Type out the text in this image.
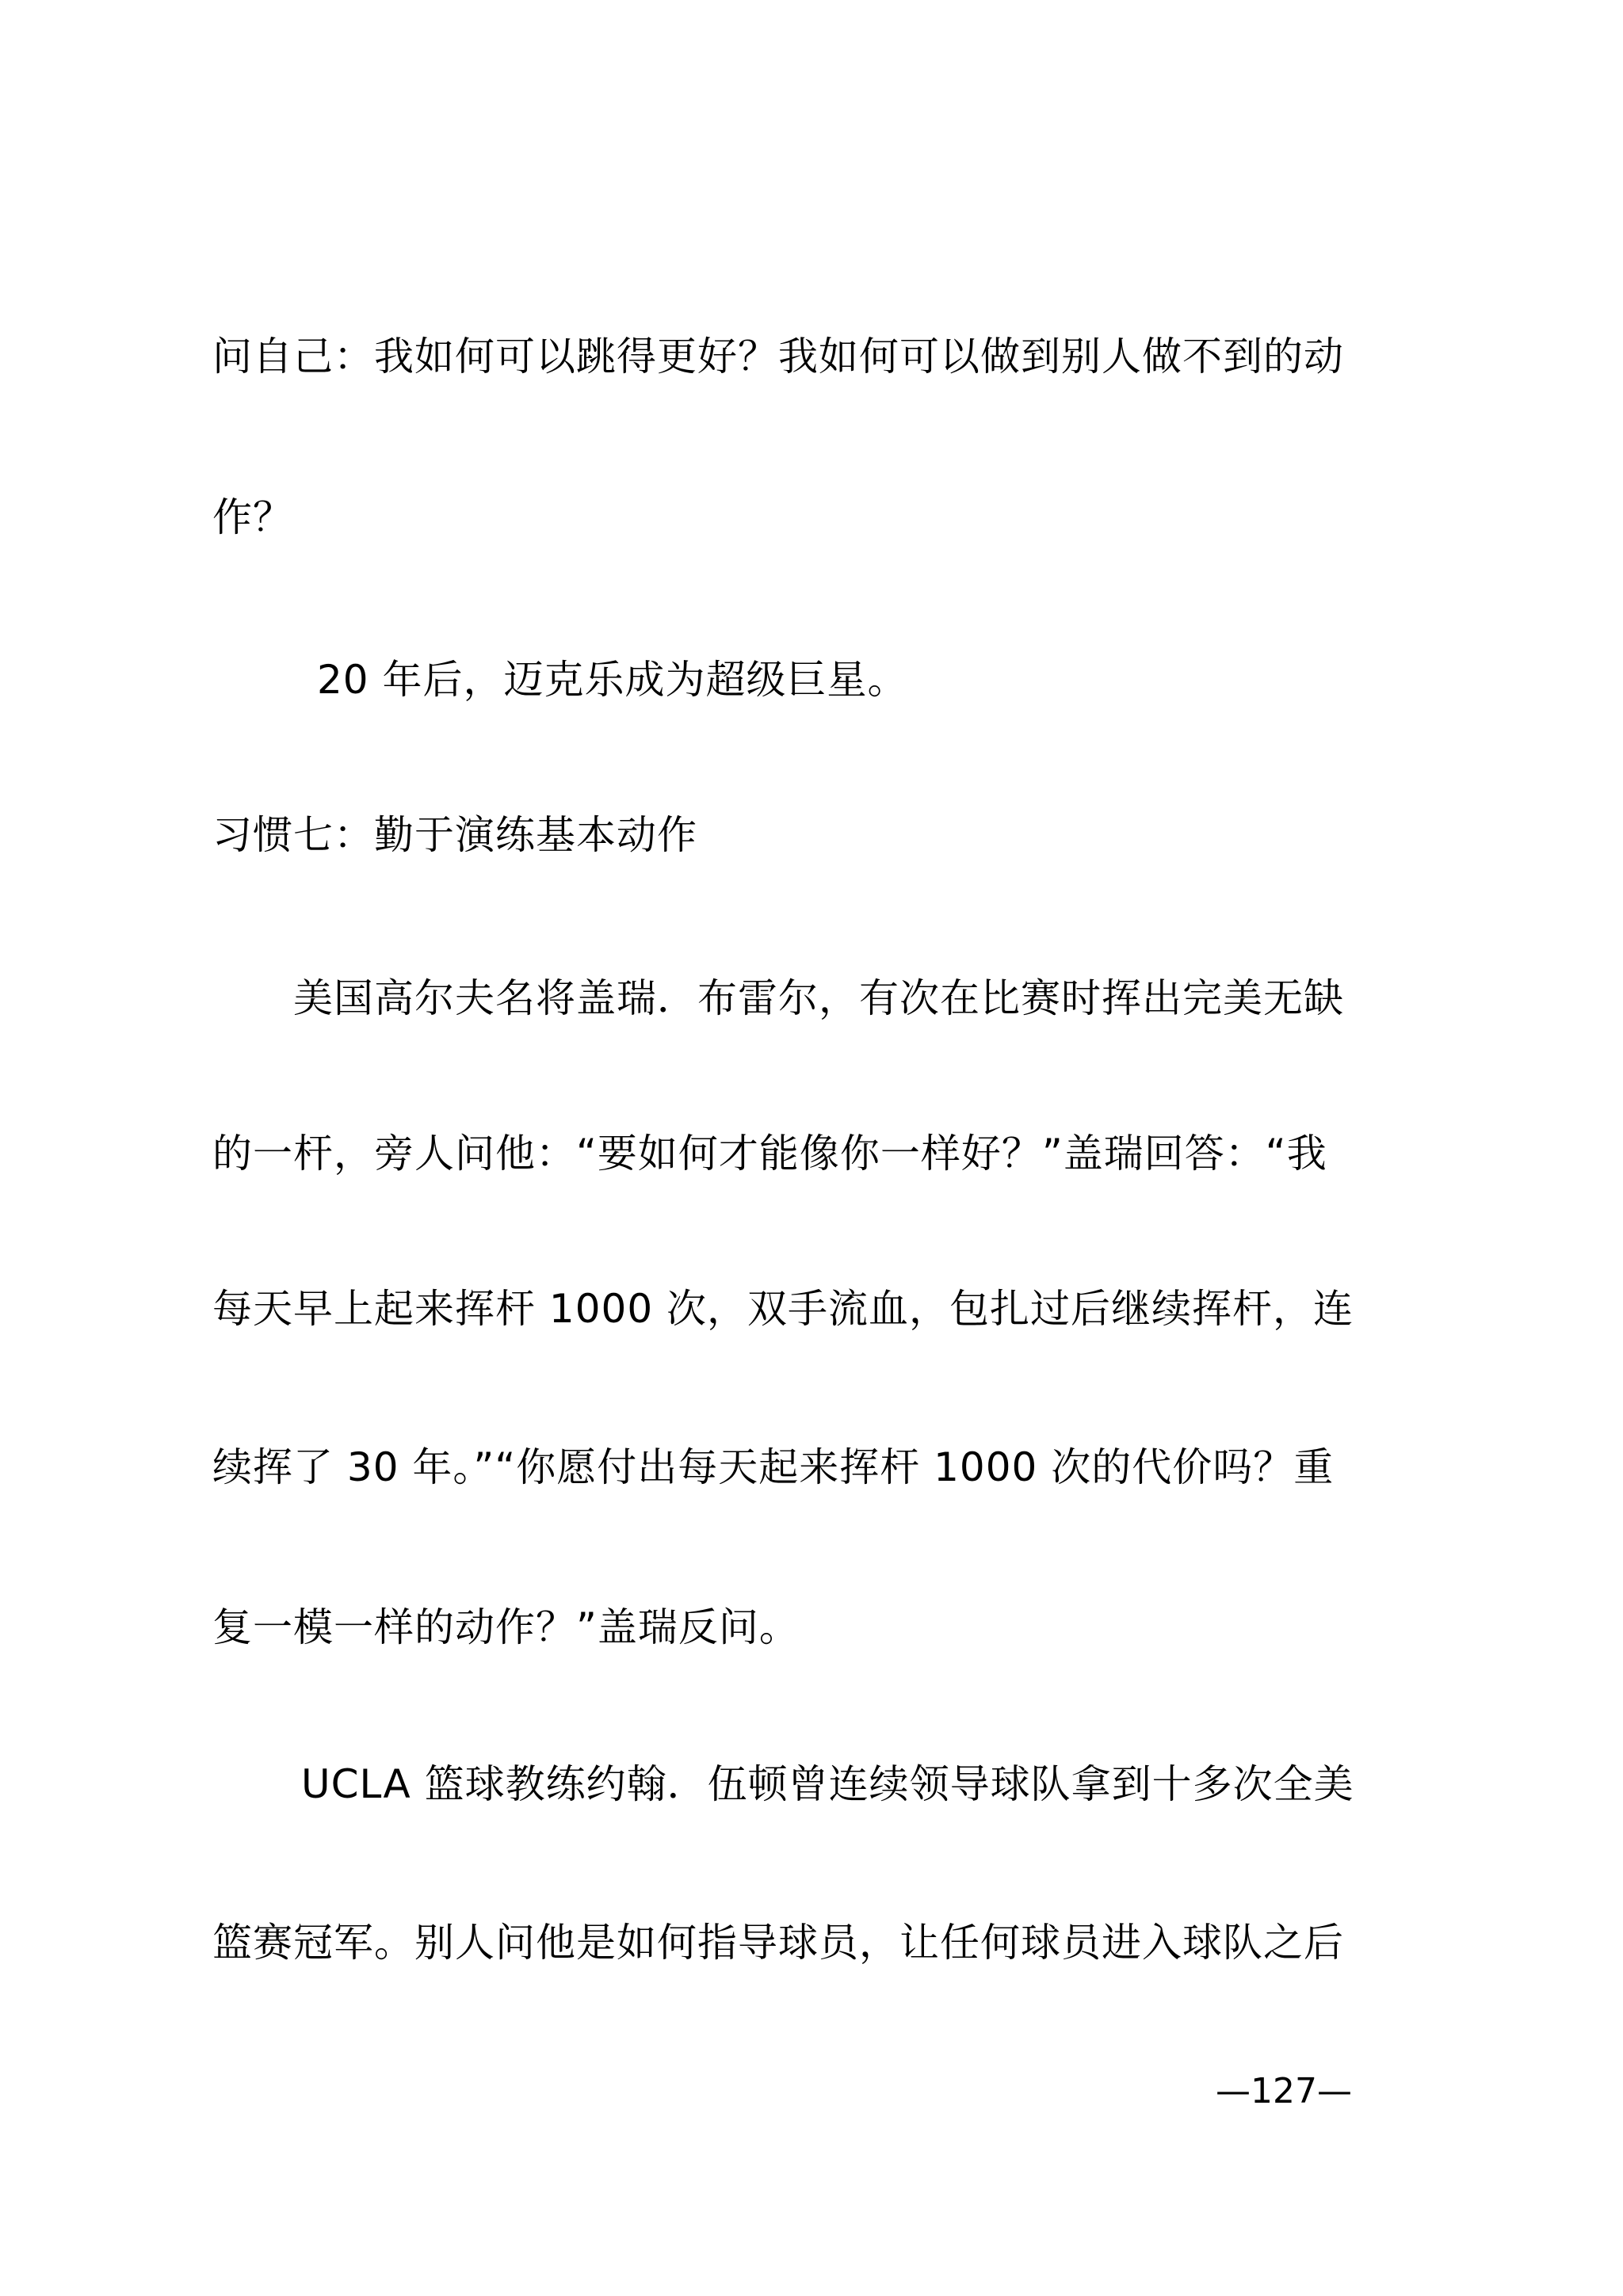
问自己：我如何可以跳得更好？我如何可以做到别人做不到的动
作？
20 年后，迈克乐成为超级巨星。
习惯七：勤于演练基本动作
美国高尔夫名将盖瑞．布雷尔，有次在比赛时挥出完美无缺
的一杆，旁人问他：“要如何才能像你一样好？”盖瑞回答：“我
每天早上起来挥杆 1000 次，双手流血，包扎过后继续挥杆，连
续挥了 30 年。”“你愿付出每天起来挥杆 1000 次的代价吗？重
复一模一样的动作？”盖瑞反问。
UCLA 篮球教练约翰．伍顿曾连续领导球队拿到十多次全美
篮赛冠军。别人问他是如何指导球员，让任何球员进入球队之后
—127—
